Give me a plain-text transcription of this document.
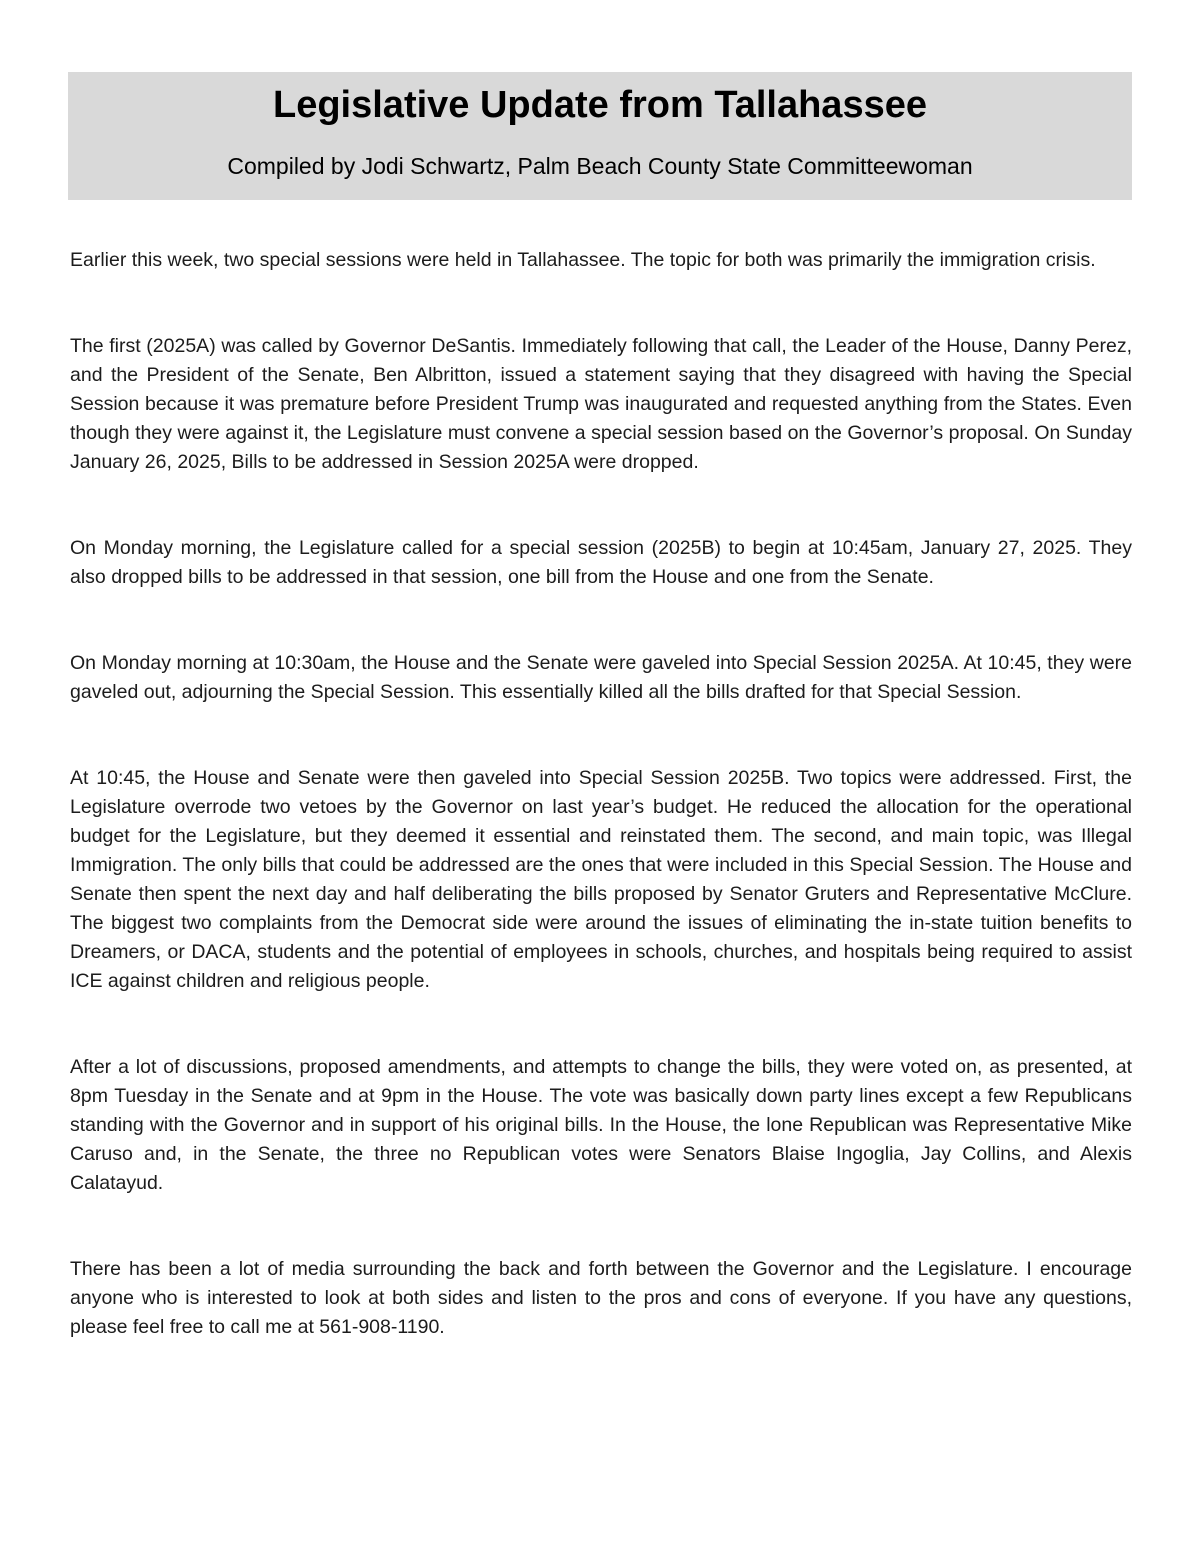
Legislative Update from Tallahassee
Compiled by Jodi Schwartz, Palm Beach County State Committeewoman

Earlier this week, two special sessions were held in Tallahassee. The topic for both was primarily the immigration crisis.

The first (2025A) was called by Governor DeSantis. Immediately following that call, the Leader of the House, Danny Perez, and the President of the Senate, Ben Albritton, issued a statement saying that they disagreed with having the Special Session because it was premature before President Trump was inaugurated and requested anything from the States. Even though they were against it, the Legislature must convene a special session based on the Governor’s proposal. On Sunday January 26, 2025, Bills to be addressed in Session 2025A were dropped.

On Monday morning, the Legislature called for a special session (2025B) to begin at 10:45am, January 27, 2025. They also dropped bills to be addressed in that session, one bill from the House and one from the Senate.

On Monday morning at 10:30am, the House and the Senate were gaveled into Special Session 2025A. At 10:45, they were gaveled out, adjourning the Special Session. This essentially killed all the bills drafted for that Special Session.

At 10:45, the House and Senate were then gaveled into Special Session 2025B. Two topics were addressed. First, the Legislature overrode two vetoes by the Governor on last year’s budget. He reduced the allocation for the operational budget for the Legislature, but they deemed it essential and reinstated them. The second, and main topic, was Illegal Immigration. The only bills that could be addressed are the ones that were included in this Special Session. The House and Senate then spent the next day and half deliberating the bills proposed by Senator Gruters and Representative McClure. The biggest two complaints from the Democrat side were around the issues of eliminating the in-state tuition benefits to Dreamers, or DACA, students and the potential of employees in schools, churches, and hospitals being required to assist ICE against children and religious people.

After a lot of discussions, proposed amendments, and attempts to change the bills, they were voted on, as presented, at 8pm Tuesday in the Senate and at 9pm in the House. The vote was basically down party lines except a few Republicans standing with the Governor and in support of his original bills. In the House, the lone Republican was Representative Mike Caruso and, in the Senate, the three no Republican votes were Senators Blaise Ingoglia, Jay Collins, and Alexis Calatayud.

There has been a lot of media surrounding the back and forth between the Governor and the Legislature. I encourage anyone who is interested to look at both sides and listen to the pros and cons of everyone. If you have any questions, please feel free to call me at 561-908-1190.
